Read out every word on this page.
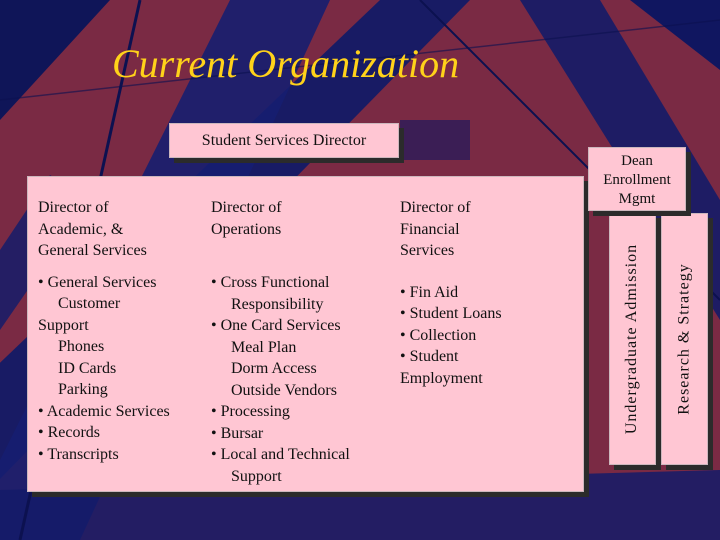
Current Organization
Student Services Director
Director of
Academic, &
General Services
• General Services
Customer
Support
Phones
ID Cards
Parking
• Academic Services
• Records
• Transcripts
Director of
Operations
• Cross Functional
Responsibility
• One Card Services
Meal Plan
Dorm Access
Outside Vendors
• Processing
• Bursar
• Local and Technical
Support
Director of
Financial
Services
• Fin Aid
• Student Loans
• Collection
• Student
Employment	Undergraduate Admission Research & Strategy
Dean
Enrollment
Mgmt
